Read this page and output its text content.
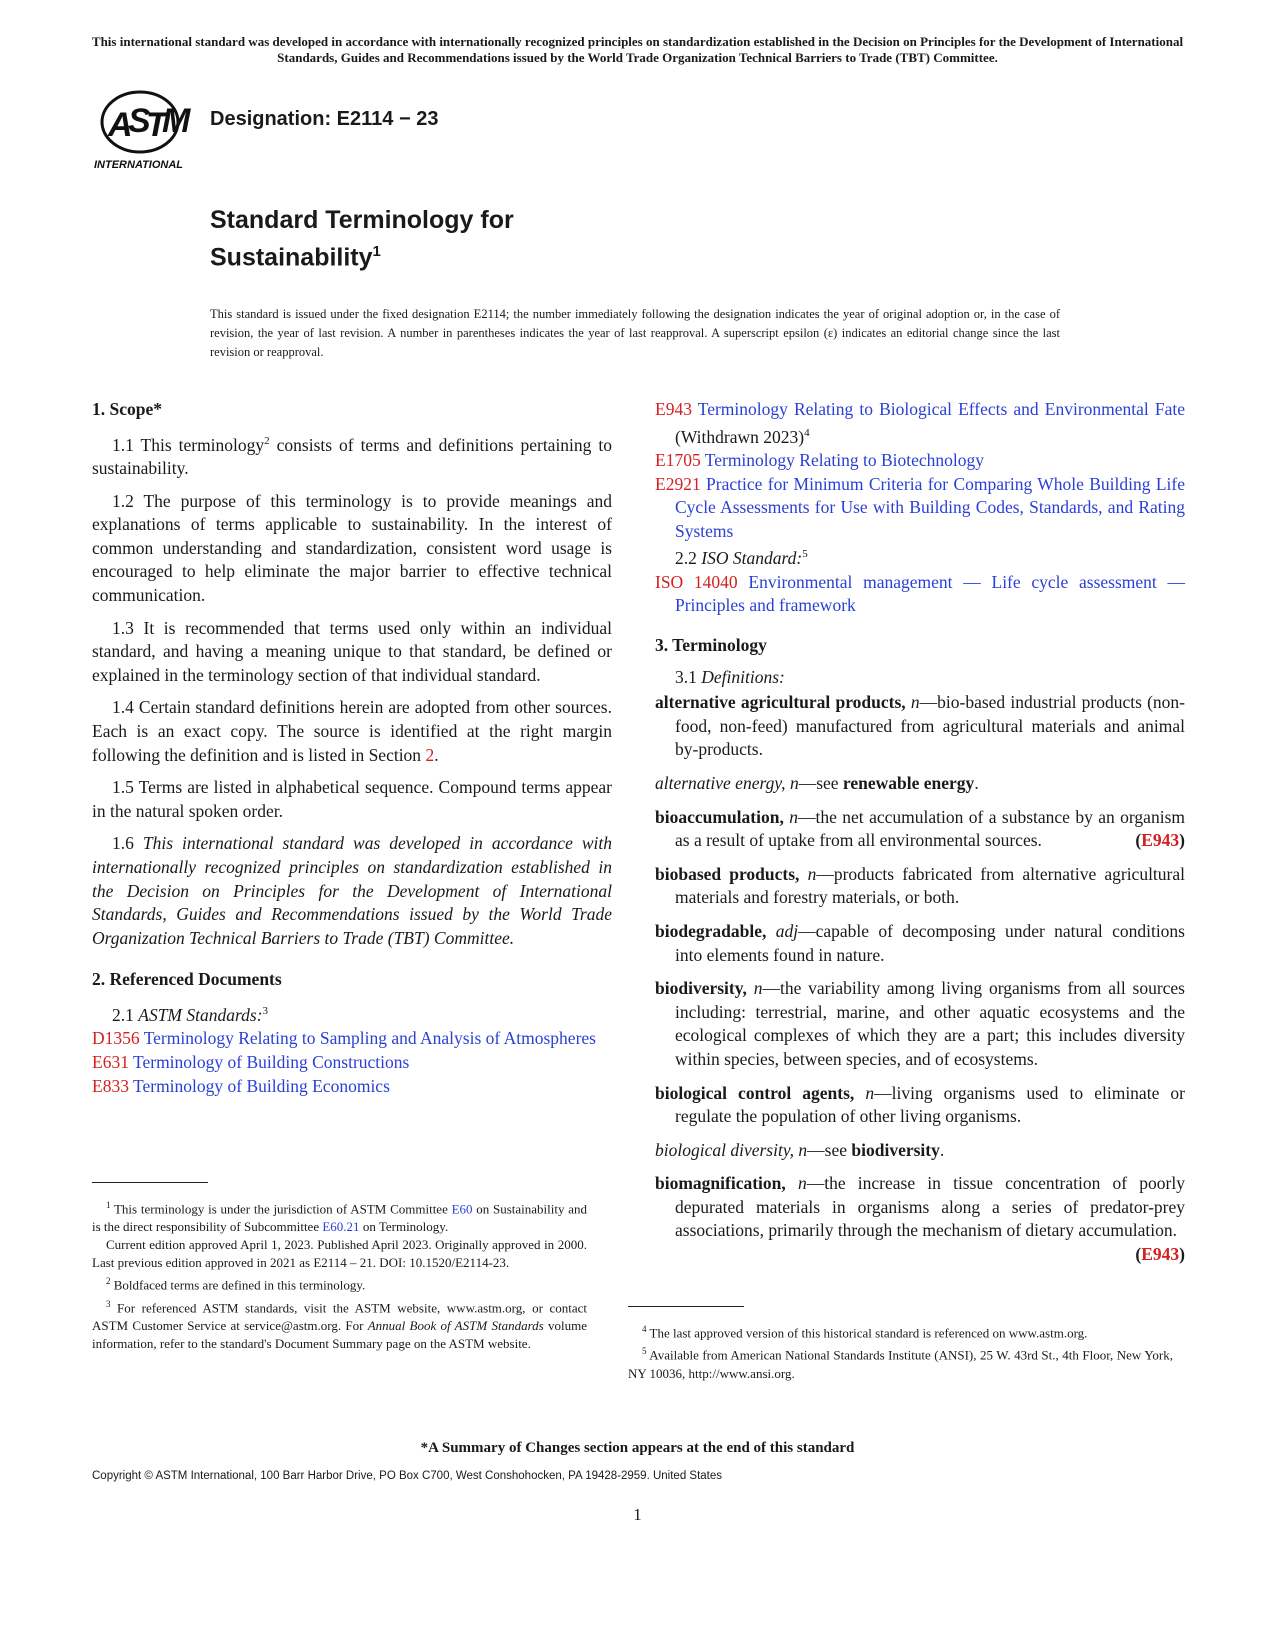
This international standard was developed in accordance with internationally recognized principles on standardization established in the Decision on Principles for the Development of International Standards, Guides and Recommendations issued by the World Trade Organization Technical Barriers to Trade (TBT) Committee.
A
S
T
M
INTERNATIONAL
Designation: E2114 − 23
Standard Terminology for
Sustainability$^1$
This standard is issued under the fixed designation E2114; the number immediately following the designation indicates the year of original adoption or, in the case of revision, the year of last revision. A number in parentheses indicates the year of last reapproval. A superscript epsilon (ε) indicates an editorial change since the last revision or reapproval.
1. Scope*

1.1 This terminology$^2$ consists of terms and definitions pertaining to sustainability.

1.2 The purpose of this terminology is to provide meanings and explanations of terms applicable to sustainability. In the interest of common understanding and standardization, consistent word usage is encouraged to help eliminate the major barrier to effective technical communication.

1.3 It is recommended that terms used only within an individual standard, and having a meaning unique to that standard, be defined or explained in the terminology section of that individual standard.

1.4 Certain standard definitions herein are adopted from other sources. Each is an exact copy. The source is identified at the right margin following the definition and is listed in Section 2.

1.5 Terms are listed in alphabetical sequence. Compound terms appear in the natural spoken order.

1.6 This international standard was developed in accordance with internationally recognized principles on standardization established in the Decision on Principles for the Development of International Standards, Guides and Recommendations issued by the World Trade Organization Technical Barriers to Trade (TBT) Committee.

2. Referenced Documents

2.1 ASTM Standards:$^3$

D1356 Terminology Relating to Sampling and Analysis of Atmospheres
E631 Terminology of Building Constructions
E833 Terminology of Building Economics

$^1$ This terminology is under the jurisdiction of ASTM Committee E60 on Sustainability and is the direct responsibility of Subcommittee E60.21 on Terminology.

Current edition approved April 1, 2023. Published April 2023. Originally approved in 2000. Last previous edition approved in 2021 as E2114 – 21. DOI: 10.1520/E2114-23.

$^2$ Boldfaced terms are defined in this terminology.

$^3$ For referenced ASTM standards, visit the ASTM website, www.astm.org, or contact ASTM Customer Service at service@astm.org. For Annual Book of ASTM Standards volume information, refer to the standard's Document Summary page on the ASTM website.

E943 Terminology Relating to Biological Effects and Environmental Fate (Withdrawn 2023)$^4$
E1705 Terminology Relating to Biotechnology
E2921 Practice for Minimum Criteria for Comparing Whole Building Life Cycle Assessments for Use with Building Codes, Standards, and Rating Systems

2.2 ISO Standard:$^5$

ISO 14040 Environmental management — Life cycle assessment — Principles and framework
3. Terminology

3.1 Definitions:

alternative agricultural products, n—bio-based industrial products (non-food, non-feed) manufactured from agricultural materials and animal by-products.
alternative energy, n—see renewable energy.
bioaccumulation, n—the net accumulation of a substance by an organism as a result of uptake from all environmental sources.	(E943)
biobased products, n—products fabricated from alternative agricultural materials and forestry materials, or both.
biodegradable, adj—capable of decomposing under natural conditions into elements found in nature.
biodiversity, n—the variability among living organisms from all sources including: terrestrial, marine, and other aquatic ecosystems and the ecological complexes of which they are a part; this includes diversity within species, between species, and of ecosystems.
biological control agents, n—living organisms used to eliminate or regulate the population of other living organisms.
biological diversity, n—see biodiversity.
biomagnification, n—the increase in tissue concentration of poorly depurated materials in organisms along a series of predator-prey associations, primarily through the mechanism of dietary accumulation.
(E943)

$^4$ The last approved version of this historical standard is referenced on www.astm.org.

$^5$ Available from American National Standards Institute (ANSI), 25 W. 43rd St., 4th Floor, New York, NY 10036, http://www.ansi.org.

*A Summary of Changes section appears at the end of this standard
Copyright © ASTM International, 100 Barr Harbor Drive, PO Box C700, West Conshohocken, PA 19428-2959. United States
1
